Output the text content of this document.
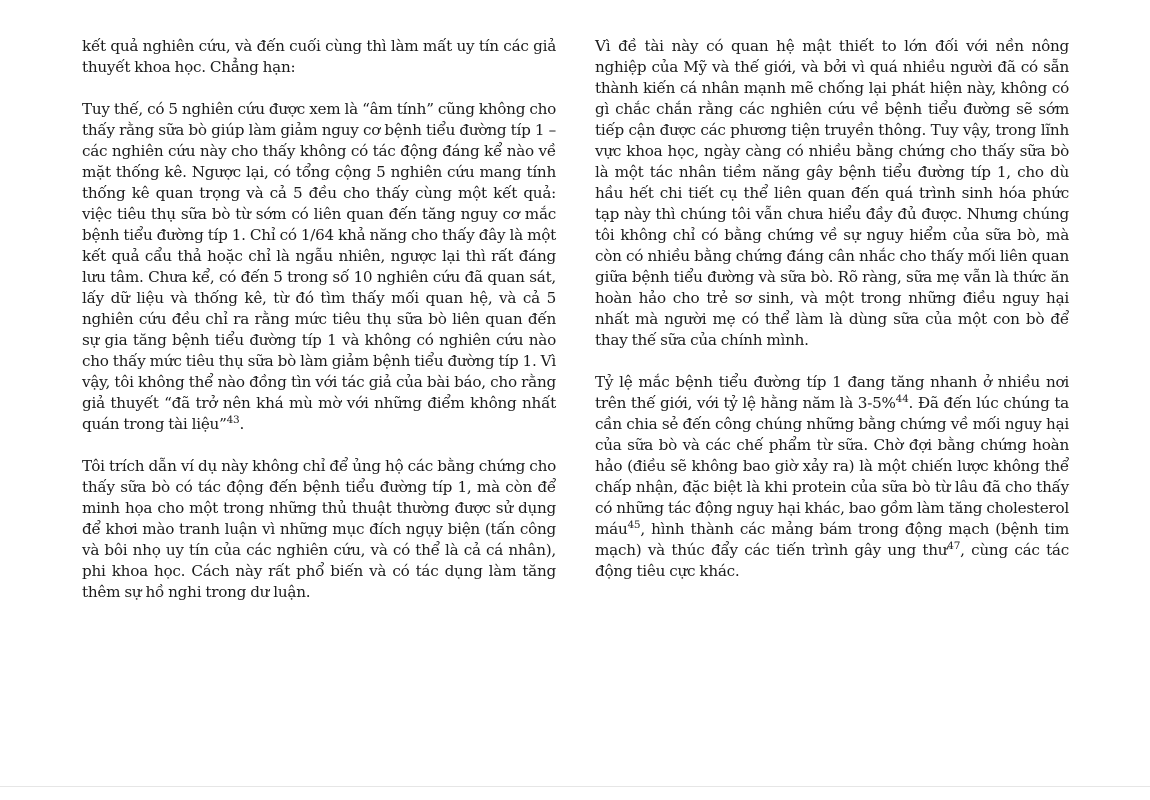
kết quả nghiên cứu, và đến cuối cùng thì làm mất uy tín các giả thuyết khoa học. Chẳng hạn:

Tuy thế, có 5 nghiên cứu được xem là “âm tính” cũng không cho thấy rằng sữa bò giúp làm giảm nguy cơ bệnh tiểu đường típ 1 – các nghiên cứu này cho thấy không có tác động đáng kể nào về mặt thống kê. Ngược lại, có tổng cộng 5 nghiên cứu mang tính thống kê quan trọng và cả 5 đều cho thấy cùng một kết quả: việc tiêu thụ sữa bò từ sớm có liên quan đến tăng nguy cơ mắc bệnh tiểu đường típ 1. Chỉ có 1/64 khả năng cho thấy đây là một kết quả cẩu thả hoặc chỉ là ngẫu nhiên, ngược lại thì rất đáng lưu tâm. Chưa kể, có đến 5 trong số 10 nghiên cứu đã quan sát, lấy dữ liệu và thống kê, từ đó tìm thấy mối quan hệ, và cả 5 nghiên cứu đều chỉ ra rằng mức tiêu thụ sữa bò liên quan đến sự gia tăng bệnh tiểu đường típ 1 và không có nghiên cứu nào cho thấy mức tiêu thụ sữa bò làm giảm bệnh tiểu đường típ 1. Vì vậy, tôi không thể nào đồng tìn với tác giả của bài báo, cho rằng giả thuyết “đã trở nên khá mù mờ với những điểm không nhất quán trong tài liệu”$^{43}$.

Tôi trích dẫn ví dụ này không chỉ để ủng hộ các bằng chứng cho thấy sữa bò có tác động đến bệnh tiểu đường típ 1, mà còn để minh họa cho một trong những thủ thuật thường được sử dụng để khơi mào tranh luận vì những mục đích ngụy biện (tấn công và bôi nhọ uy tín của các nghiên cứu, và có thể là cả cá nhân), phi khoa học. Cách này rất phổ biến và có tác dụng làm tăng thêm sự hồ nghi trong dư luận.

Vì đề tài này có quan hệ mật thiết to lớn đối với nền nông nghiệp của Mỹ và thế giới, và bởi vì quá nhiều người đã có sẵn thành kiến cá nhân mạnh mẽ chống lại phát hiện này, không có gì chắc chắn rằng các nghiên cứu về bệnh tiểu đường sẽ sớm tiếp cận được các phương tiện truyền thông. Tuy vậy, trong lĩnh vực khoa học, ngày càng có nhiều bằng chứng cho thấy sữa bò là một tác nhân tiềm năng gây bệnh tiểu đường típ 1, cho dù hầu hết chi tiết cụ thể liên quan đến quá trình sinh hóa phức tạp này thì chúng tôi vẫn chưa hiểu đầy đủ được. Nhưng chúng tôi không chỉ có bằng chứng về sự nguy hiểm của sữa bò, mà còn có nhiều bằng chứng đáng cân nhắc cho thấy mối liên quan giữa bệnh tiểu đường và sữa bò. Rõ ràng, sữa mẹ vẫn là thức ăn hoàn hảo cho trẻ sơ sinh, và một trong những điều nguy hại nhất mà người mẹ có thể làm là dùng sữa của một con bò để thay thế sữa của chính mình.

Tỷ lệ mắc bệnh tiểu đường típ 1 đang tăng nhanh ở nhiều nơi trên thế giới, với tỷ lệ hằng năm là 3-5%$^{44}$. Đã đến lúc chúng ta cần chia sẻ đến công chúng những bằng chứng về mối nguy hại của sữa bò và các chế phẩm từ sữa. Chờ đợi bằng chứng hoàn hảo (điều sẽ không bao giờ xảy ra) là một chiến lược không thể chấp nhận, đặc biệt là khi protein của sữa bò từ lâu đã cho thấy có những tác động nguy hại khác, bao gồm làm tăng cholesterol máu$^{45}$, hình thành các mảng bám trong động mạch (bệnh tim mạch) và thúc đẩy các tiến trình gây ung thư$^{47}$, cùng các tác động tiêu cực khác.
